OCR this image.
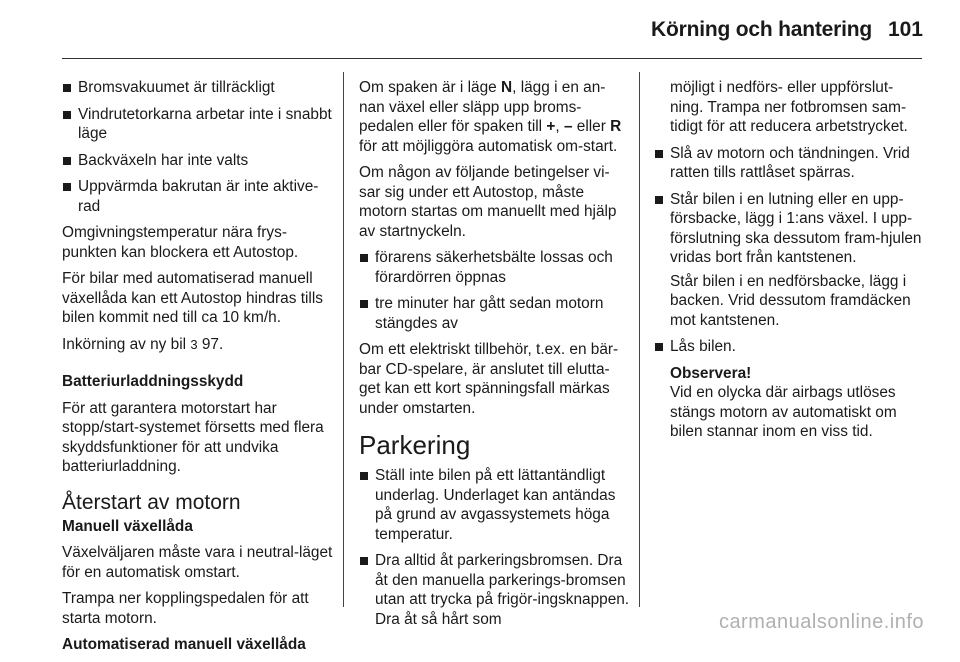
Körning och hantering 101
Bromsvakuumet är tillräckligt
Vindrutetorkarna arbetar inte i snabbt läge
Backväxeln har inte valts
Uppvärmda bakrutan är inte aktive-rad

Omgivningstemperatur nära frys-punkten kan blockera ett Autostop.

För bilar med automatiserad manuell växellåda kan ett Autostop hindras tills bilen kommit ned till ca 10 km/h.

Inkörning av ny bil 3 97.

Batteriurladdningsskydd

För att garantera motorstart har stopp/start-systemet försetts med flera skyddsfunktioner för att undvika batteriurladdning.

Återstart av motorn

Manuell växellåda

Växelväljaren måste vara i neutral-läget för en automatisk omstart.

Trampa ner kopplingspedalen för att starta motorn.

Automatiserad manuell växellåda

Om spaken är i läge N, lägg i en an-nan växel eller släpp upp broms-pedalen eller för spaken till +, – eller R för att möjliggöra automatisk om-start.

Om någon av följande betingelser vi-sar sig under ett Autostop, måste motorn startas om manuellt med hjälp av startnyckeln.

förarens säkerhetsbälte lossas och förardörren öppnas
tre minuter har gått sedan motorn stängdes av

Om ett elektriskt tillbehör, t.ex. en bär-bar CD-spelare, är anslutet till elutta-get kan ett kort spänningsfall märkas under omstarten.

Parkering
Ställ inte bilen på ett lättantändligt underlag. Underlaget kan antändas på grund av avgassystemets höga temperatur.
Dra alltid åt parkeringsbromsen. Dra åt den manuella parkerings-bromsen utan att trycka på frigör-ingsknappen. Dra åt så hårt som

möjligt i nedförs- eller uppförslut-ning. Trampa ner fotbromsen sam-tidigt för att reducera arbetstrycket.

Slå av motorn och tändningen. Vrid ratten tills rattlåset spärras.
Står bilen i en lutning eller en upp-försbacke, lägg i 1:ans växel. I upp-förslutning ska dessutom fram-hjulen vridas bort från kantstenen.

Står bilen i en nedförsbacke, lägg i backen. Vrid dessutom framdäcken mot kantstenen.

Lås bilen.
Observera!
Vid en olycka där airbags utlöses stängs motorn av automatiskt om bilen stannar inom en viss tid.
carmanualsonline.info
